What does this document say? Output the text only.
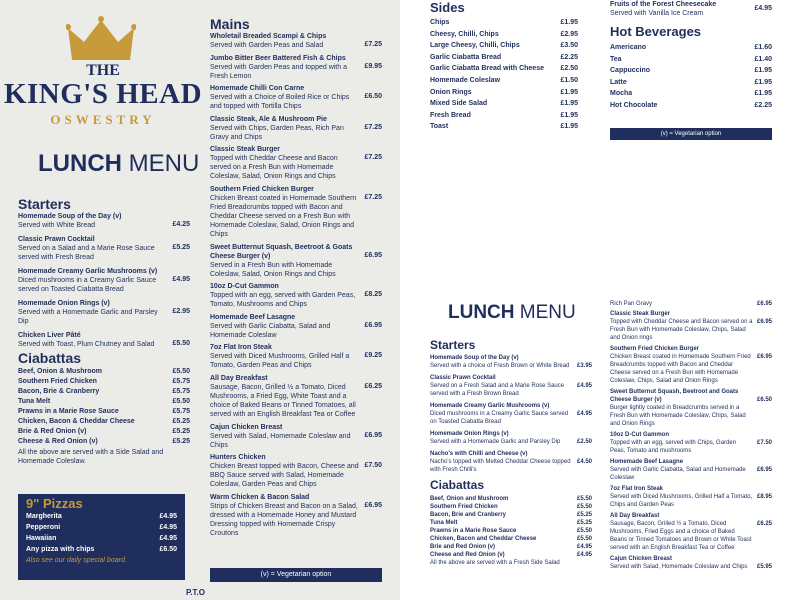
THE
KING'S HEAD
OSWESTRY
LUNCH MENU
Starters
Homemade Soup of the Day (v)
Served with White Bread	£4.25
Classic Prawn Cocktail
Served on a Salad and a Marie Rose Sauce served with Fresh Bread
£5.25
Homemade Creamy Garlic Mushrooms (v)
Diced mushrooms in a Creamy Garlic Sauce served on Toasted Ciabatta Bread
£4.95
Homemade Onion Rings (v)
Served with a Homemade Garlic and Parsley Dip
£2.95
Chicken Liver Pâté
Served with Toast, Plum Chutney and Salad	£5.50
Ciabattas
Beef, Onion & Mushroom	£5.50
Southern Fried Chicken	£5.75
Bacon, Brie & Cranberry	£5.75
Tuna Melt	£5.50
Prawns in a Marie Rose Sauce	£5.75
Chicken, Bacon & Cheddar Cheese	£5.25
Brie & Red Onion (v)	£5.25
Cheese & Red Onion (v)	£5.25
All the above are served with a Side Salad and Homemade Coleslaw.
9" Pizzas
Margherita	£4.95
Pepperoni	£4.95
Hawaiian	£4.95
Any pizza with chips	£6.50
Also see our daily special board.
P.T.O
Mains
Wholetail Breaded Scampi & Chips
Served with Garden Peas and Salad	£7.25
Jumbo Bitter Beer Battered Fish & Chips
Served with Garden Peas and topped with a Fresh Lemon
£9.95
Homemade Chilli Con Carne
Served with a Choice of Boiled Rice or Chips and topped with Tortilla Chips
£6.50
Classic Steak, Ale & Mushroom Pie
Served with Chips, Garden Peas, Rich Pan Gravy and Chips
£7.25
Classic Steak Burger
Topped with Cheddar Cheese and Bacon served on a Fresh Bun with Homemade Coleslaw, Salad, Onion Rings and Chips
£7.25
Southern Fried Chicken Burger
Chicken Breast coated in Homemade Southern Fried Breadcrumbs topped with Bacon and Cheddar Cheese served on a Fresh Bun with Homemade Coleslaw, Salad, Onion Rings and Chips
£7.25
Sweet Butternut Squash, Beetroot & Goats Cheese Burger (v)
Served in a Fresh Bun with Homemade Coleslaw, Salad, Onion Rings and Chips
£6.95
10oz D-Cut Gammon
Topped with an egg, served with Garden Peas, Tomato, Mushrooms and Chips
£8.25
Homemade Beef Lasagne
Served with Garlic Ciabatta, Salad and Homemade Coleslaw
£6.95
7oz Flat Iron Steak
Served with Diced Mushrooms, Grilled Half a Tomato, Garden Peas and Chips
£9.25
All Day Breakfast
Sausage, Bacon, Grilled ½ a Tomato, Diced Mushrooms, a Fried Egg, White Toast and a choice of Baked Beans or Tinned Tomatoes, all served with an English Breakfast Tea or Coffee
£6.25
Cajun Chicken Breast
Served with Salad, Homemade Coleslaw and Chips
£6.95
Hunters Chicken
Chicken Breast topped with Bacon, Cheese and BBQ Sauce served with Salad, Homemade Coleslaw, Garden Peas and Chips
£7.50
Warm Chicken & Bacon Salad
Strips of Chicken Breast and Bacon on a Salad, dressed with a Homemade Honey and Mustard Dressing topped with Homemade Crispy Croutons
£6.95
(v) = Vegetarian option
Sides
Chips	£1.95
Cheesy, Chilli, Chips	£2.95
Large Cheesy, Chilli, Chips	£3.50
Garlic Ciabatta Bread	£2.25
Garlic Ciabatta Bread with Cheese	£2.50
Homemade Coleslaw	£1.50
Onion Rings	£1.95
Mixed Side Salad	£1.95
Fresh Bread	£1.95
Toast	£1.95
Fruits of the Forest Cheesecake
Served with Vanilla Ice Cream
£4.95
Hot Beverages
Americano	£1.60
Tea	£1.40
Cappuccino	£1.95
Latte	£1.95
Mocha	£1.95
Hot Chocolate	£2.25
(v) = Vegetarian option
LUNCH MENU
Starters
Homemade Soup of the Day (v)
Served with a choice of Fresh Brown or White Bread	£3.95
Classic Prawn Cocktail
Served on a Fresh Salad and a Marie Rose Sauce served with a Fresh Brown Bread
£4.95
Homemade Creamy Garlic Mushrooms (v)
Diced mushrooms in a Creamy Garlic Sauce served on Toasted Ciabatta Bread
£4.95
Homemade Onion Rings (v)
Served with a Homemade Garlic and Parsley Dip	£2.50
Nacho's with Chilli and Cheese (v)
Nacho's topped with Melted Cheddar Cheese topped with Fresh Chilli's
£4.50
Ciabattas
Beef, Onion and Mushroom	£5.50
Southern Fried Chicken	£5.50
Bacon, Brie and Cranberry	£5.25
Tuna Melt	£5.25
Prawns in a Marie Rose Sauce	£5.50
Chicken, Bacon and Cheddar Cheese	£5.50
Brie and Red Onion (v)	£4.95
Cheese and Red Onion (v)	£4.95
All the above are served with a Fresh Side Salad
Rich Pan Gravy	£6.95
Classic Steak Burger
Topped with Cheddar Cheese and Bacon served on a Fresh Bun with Homemade Coleslaw, Chips, Salad and Onion rings
£6.95
Southern Fried Chicken Burger
Chicken Breast coated in Homemade Southern Fried Breadcrumbs topped with Bacon and Cheddar Cheese served on a Fresh Bun with Homemade Coleslaw, Chips, Salad and Onion Rings
£6.95
Sweet Butternut Squash, Beetroot and Goats Cheese Burger (v)
Burger lightly coated in Breadcrumbs served in a Fresh Bun with Homemade Coleslaw, Chips, Salad and Onion Rings
£6.50
10oz D-Cut Gammon
Topped with an egg, served with Chips, Garden Peas, Tomato and mushrooms
£7.50
Homemade Beef Lasagne
Served with Garlic Ciabatta, Salad and Homemade Coleslaw
£6.95
7oz Flat Iron Steak
Served with Diced Mushrooms, Grilled Half a Tomato, Chips and Garden Peas
£8.95
All Day Breakfast
Sausage, Bacon, Grilled ½ a Tomato, Diced Mushrooms, Fried Eggs and a choice of Baked Beans or Tinned Tomatoes and Brown or White Toast served with an English Breakfast Tea or Coffee
£6.25
Cajun Chicken Breast
Served with Salad, Homemade Coleslaw and Chips	£5.95
